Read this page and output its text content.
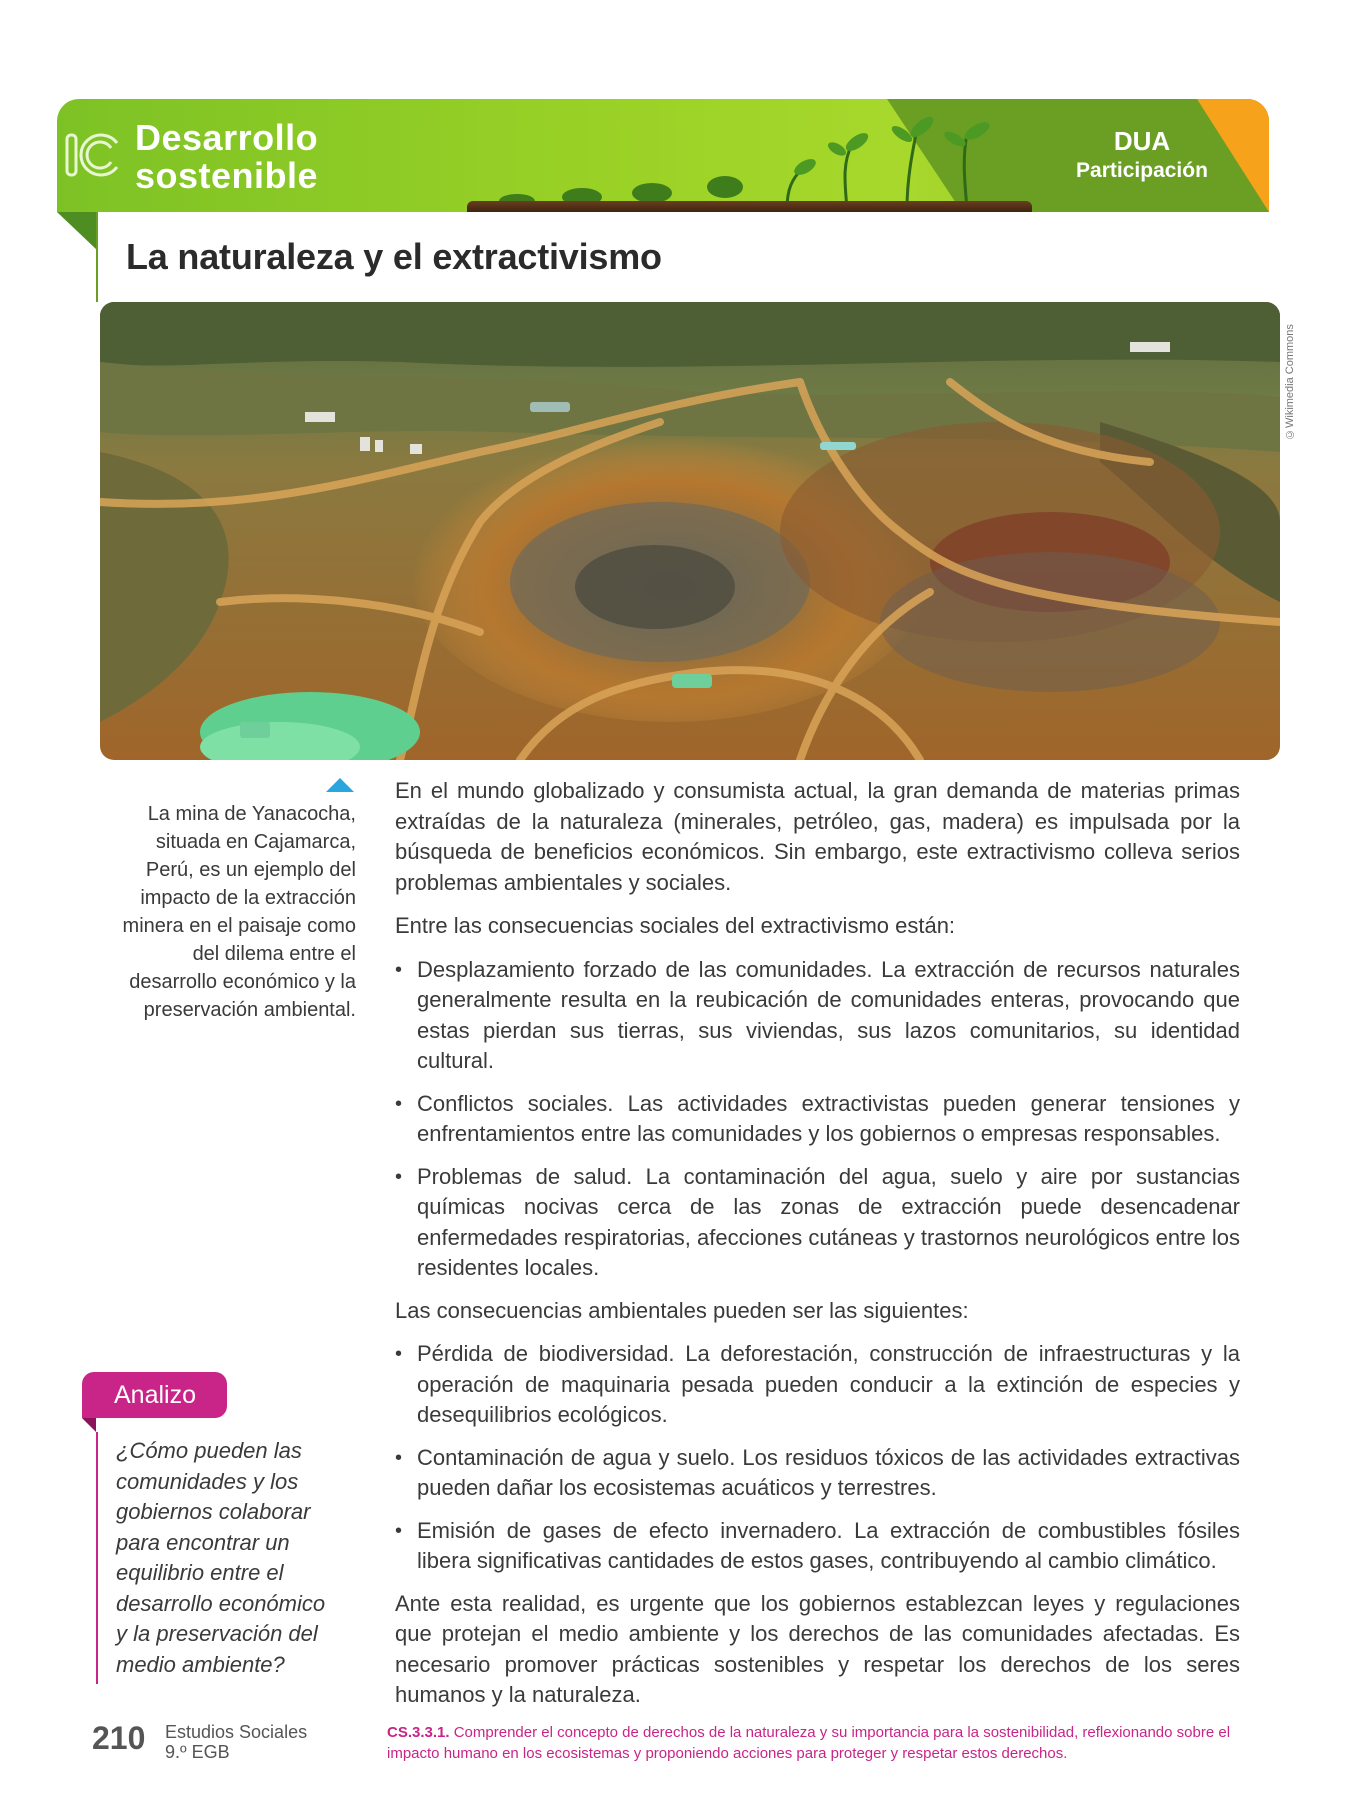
Desarrollo
sostenible
DUA
Participación
La naturaleza y el extractivismo
©Wikimedia Commons
La mina de Yanacocha, situada en Cajamarca, Perú, es un ejemplo del impacto de la extracción minera en el paisaje como del dilema entre el desarrollo económico y la preservación ambiental.

En el mundo globalizado y consumista actual, la gran demanda de materias primas extraídas de la naturaleza (minerales, petróleo, gas, madera) es impulsada por la búsqueda de beneficios económicos. Sin embargo, este extractivismo colleva serios problemas ambientales y sociales.

Entre las consecuencias sociales del extractivismo están:

• Desplazamiento forzado de las comunidades. La extracción de recursos naturales generalmente resulta en la reubicación de comunidades enteras, provocando que estas pierdan sus tierras, sus viviendas, sus lazos comunitarios, su identidad cultural.
• Conflictos sociales. Las actividades extractivistas pueden generar tensiones y enfrentamientos entre las comunidades y los gobiernos o empresas responsables.
• Problemas de salud. La contaminación del agua, suelo y aire por sustancias químicas nocivas cerca de las zonas de extracción puede desencadenar enfermedades respiratorias, afecciones cutáneas y trastornos neurológicos entre los residentes locales.

Las consecuencias ambientales pueden ser las siguientes:

• Pérdida de biodiversidad. La deforestación, construcción de infraestructuras y la operación de maquinaria pesada pueden conducir a la extinción de especies y desequilibrios ecológicos.
• Contaminación de agua y suelo. Los residuos tóxicos de las actividades extractivas pueden dañar los ecosistemas acuáticos y terrestres.
• Emisión de gases de efecto invernadero. La extracción de combustibles fósiles libera significativas cantidades de estos gases, contribuyendo al cambio climático.

Ante esta realidad, es urgente que los gobiernos establezcan leyes y regulaciones que protejan el medio ambiente y los derechos de las comunidades afectadas. Es necesario promover prácticas sostenibles y respetar los derechos de los seres humanos y la naturaleza.

Analizo
¿Cómo pueden las comunidades y los gobiernos colaborar para encontrar un equilibrio entre el desarrollo económico y la preservación del medio ambiente?
210 Estudios Sociales
9.º EGB
CS.3.3.1. Comprender el concepto de derechos de la naturaleza y su importancia para la sostenibilidad, reflexionando sobre el impacto humano en los ecosistemas y proponiendo acciones para proteger y respetar estos derechos.
